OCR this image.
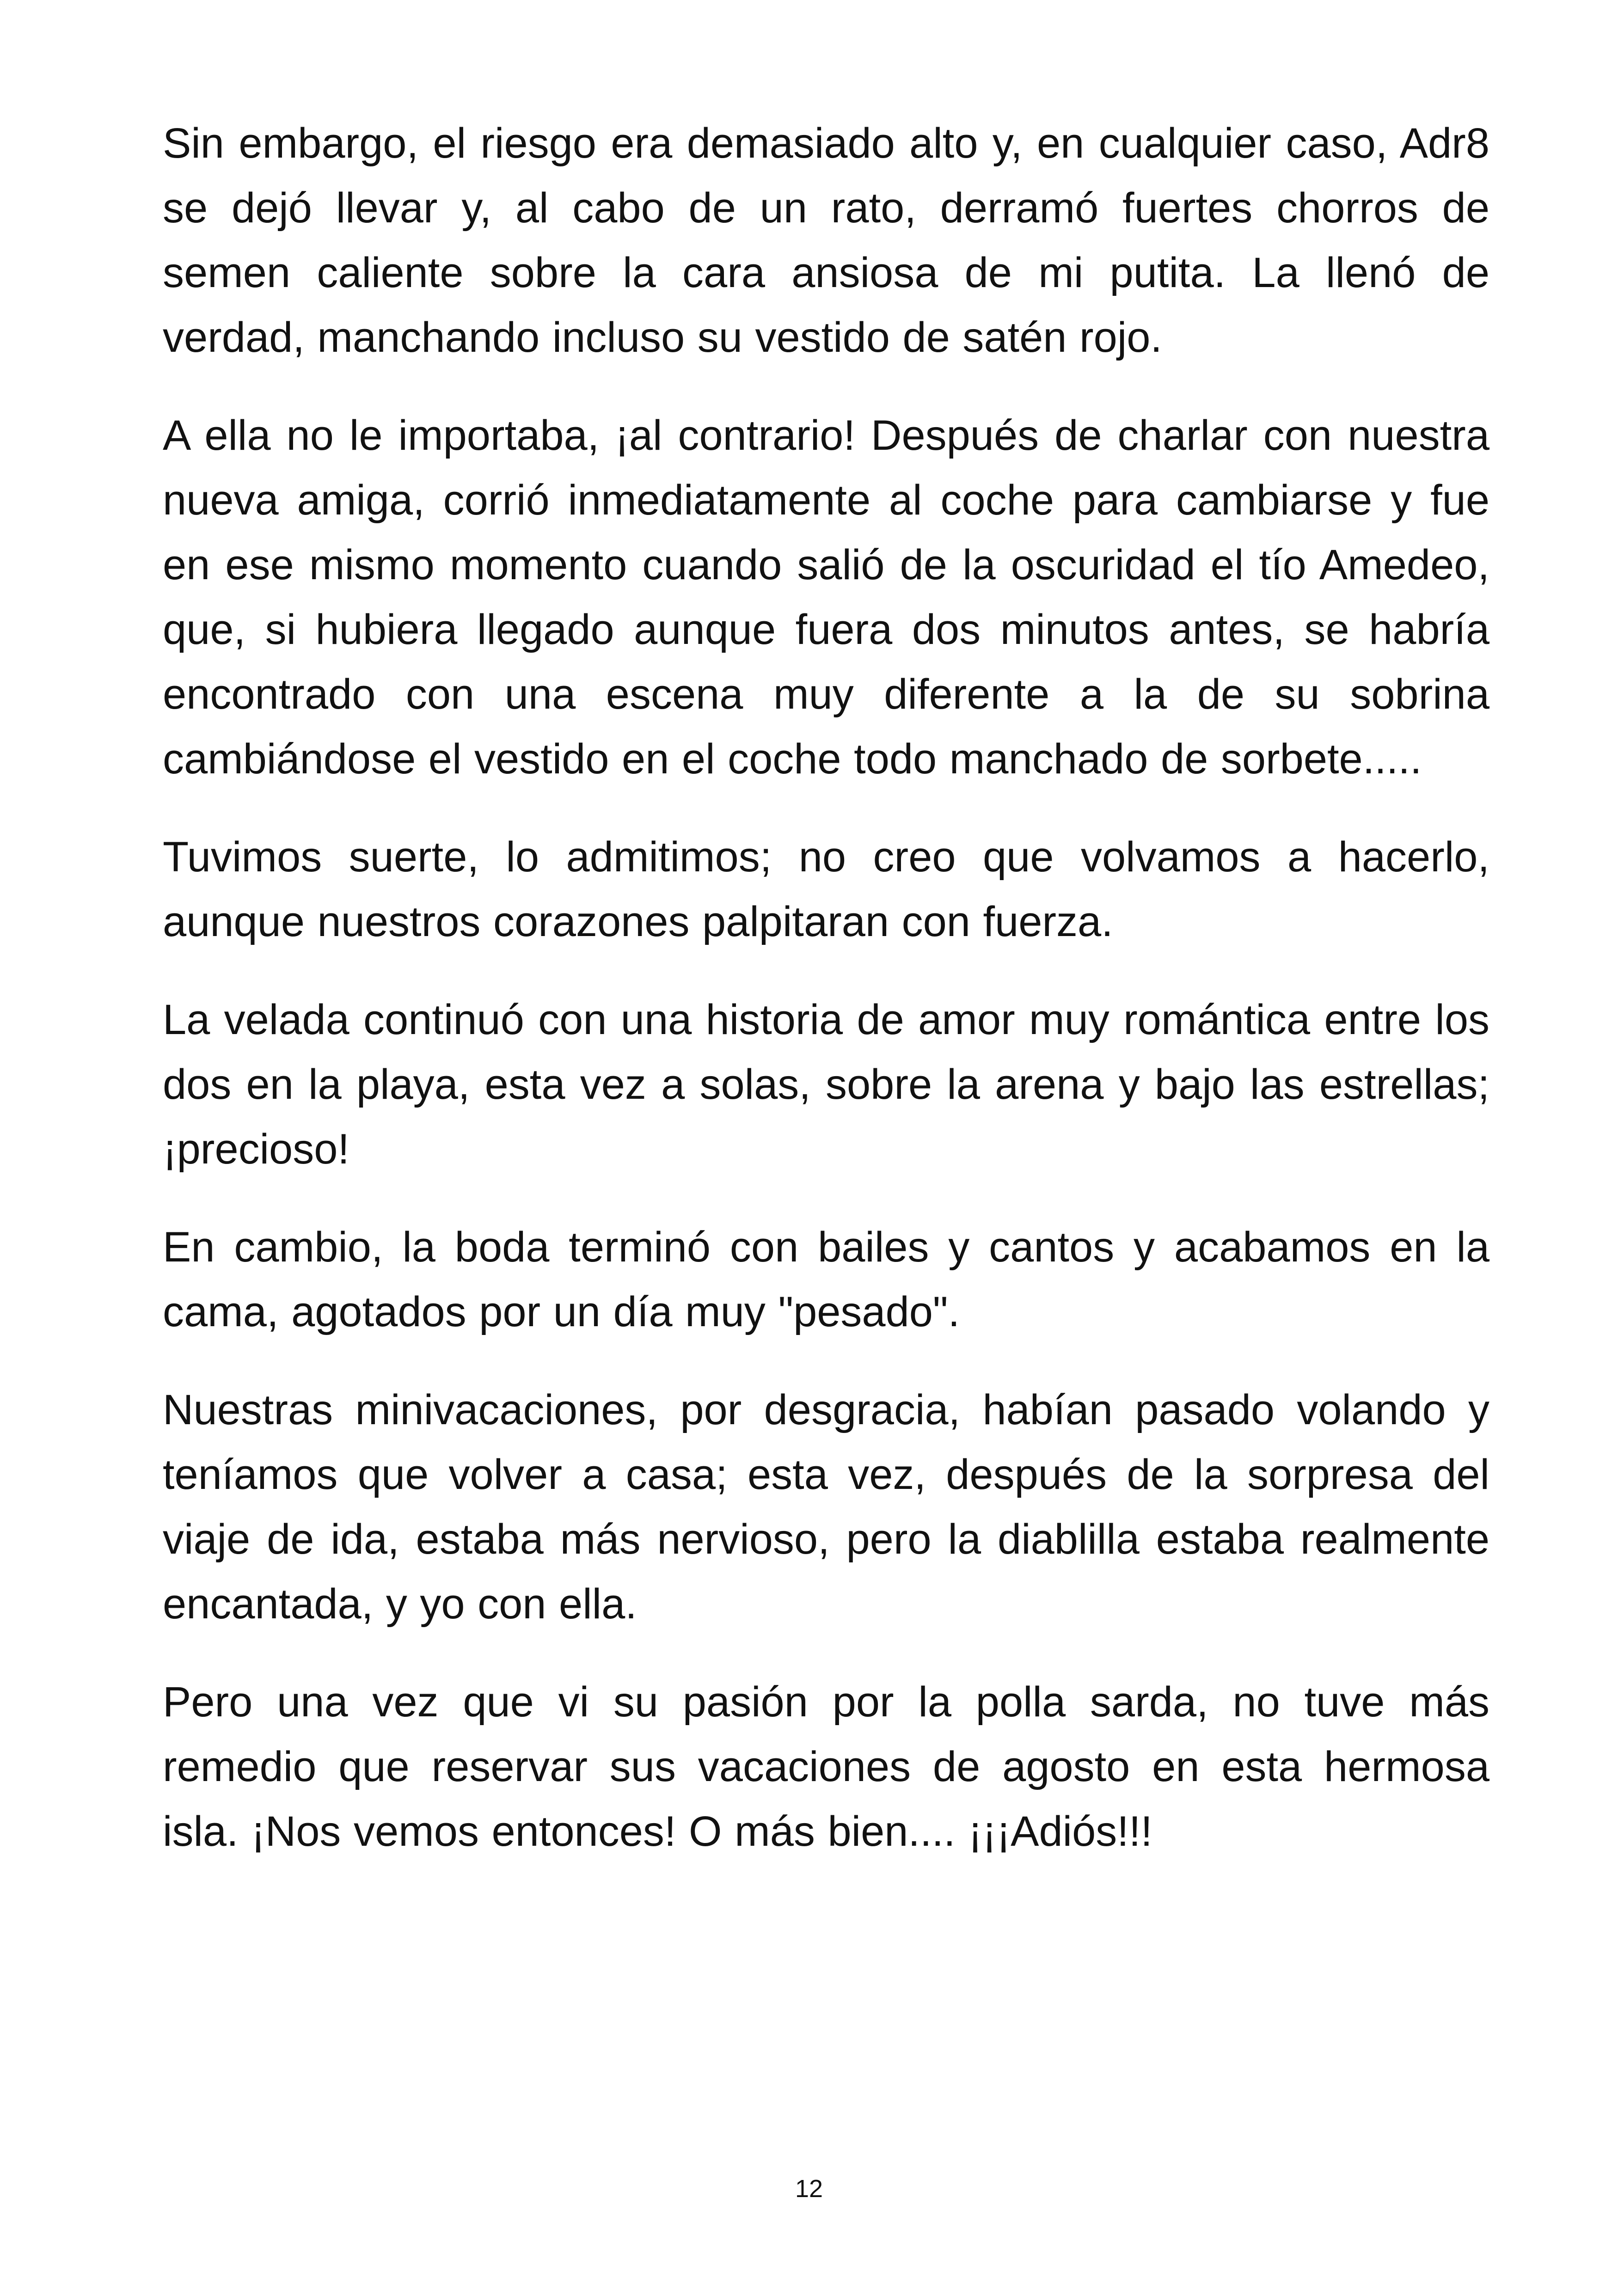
Sin embargo, el riesgo era demasiado alto y, en cualquier caso, Adr8 se dejó llevar y, al cabo de un rato, derramó fuertes chorros de semen caliente sobre la cara ansiosa de mi putita. La llenó de verdad, manchando incluso su vestido de satén rojo.

A ella no le importaba, ¡al contrario! Después de charlar con nuestra nueva amiga, corrió inmediatamente al coche para cambiarse y fue en ese mismo momento cuando salió de la oscuridad el tío Amedeo, que, si hubiera llegado aunque fuera dos minutos antes, se habría encontrado con una escena muy diferente a la de su sobrina cambiándose el vestido en el coche todo manchado de sorbete.....

Tuvimos suerte, lo admitimos; no creo que volvamos a hacerlo, aunque nuestros corazones palpitaran con fuerza.

La velada continuó con una historia de amor muy romántica entre los dos en la playa, esta vez a solas, sobre la arena y bajo las estrellas; ¡precioso!

En cambio, la boda terminó con bailes y cantos y acabamos en la cama, agotados por un día muy "pesado".

Nuestras minivacaciones, por desgracia, habían pasado volando y teníamos que volver a casa; esta vez, después de la sorpresa del viaje de ida, estaba más nervioso, pero la diablilla estaba realmente encantada, y yo con ella.

Pero una vez que vi su pasión por la polla sarda, no tuve más remedio que reservar sus vacaciones de agosto en esta hermosa isla. ¡Nos vemos entonces! O más bien.... ¡¡¡Adiós!!!

12
